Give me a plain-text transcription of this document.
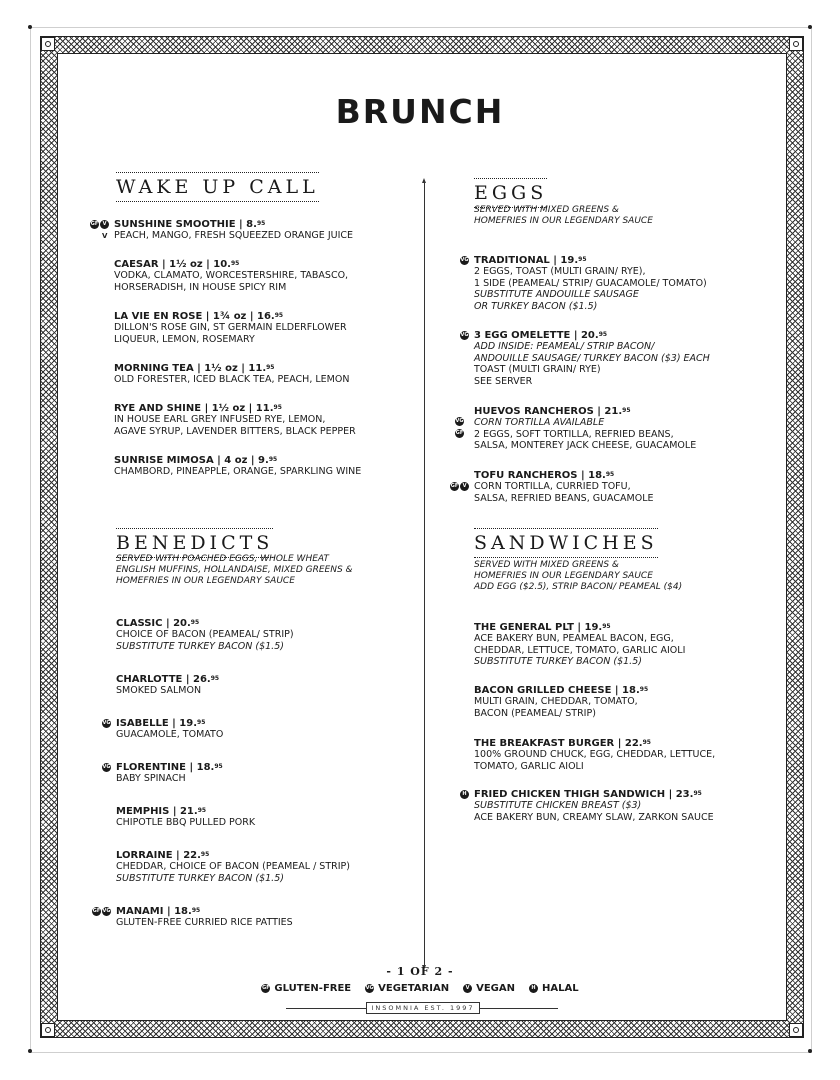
BRUNCH
WAKE UP CALL	EGGS
BENEDICTS	SANDWICHES
SERVED WITH MIXED GREENS &
HOMEFRIES IN OUR LEGENDARY SAUCE
SERVED WITH POACHED EGGS, WHOLE WHEAT
ENGLISH MUFFINS, HOLLANDAISE, MIXED GREENS &
HOMEFRIES IN OUR LEGENDARY SAUCE
SERVED WITH MIXED GREENS &
HOMEFRIES IN OUR LEGENDARY SAUCE
ADD EGG ($2.5), STRIP BACON/ PEAMEAL ($4)
SUNSHINE SMOOTHIE | 8.95
PEACH, MANGO, FRESH SQUEEZED ORANGE JUICE
GF V
V
CAESAR | 1½ oz | 10.95
VODKA, CLAMATO, WORCESTERSHIRE, TABASCO,
HORSERADISH, IN HOUSE SPICY RIM
LA VIE EN ROSE | 1¾ oz | 16.95
DILLON'S ROSE GIN, ST GERMAIN ELDERFLOWER
LIQUEUR, LEMON, ROSEMARY
MORNING TEA | 1½ oz | 11.95
OLD FORESTER, ICED BLACK TEA, PEACH, LEMON
RYE AND SHINE | 1½ oz | 11.95
IN HOUSE EARL GREY INFUSED RYE, LEMON,
AGAVE SYRUP, LAVENDER BITTERS, BLACK PEPPER
SUNRISE MIMOSA | 4 oz | 9.95
CHAMBORD, PINEAPPLE, ORANGE, SPARKLING WINE
TRADITIONAL | 19.95
2 EGGS, TOAST (MULTI GRAIN/ RYE),
1 SIDE (PEAMEAL/ STRIP/ GUACAMOLE/ TOMATO)
SUBSTITUTE ANDOUILLE SAUSAGE
OR TURKEY BACON ($1.5)
VG
3 EGG OMELETTE | 20.95
ADD INSIDE: PEAMEAL/ STRIP BACON/
ANDOUILLE SAUSAGE/ TURKEY BACON ($3) EACH
TOAST (MULTI GRAIN/ RYE)
SEE SERVER
VG
HUEVOS RANCHEROS | 21.95
CORN TORTILLA AVAILABLE
2 EGGS, SOFT TORTILLA, REFRIED BEANS,
SALSA, MONTEREY JACK CHEESE, GUACAMOLE
VG
GF
TOFU RANCHEROS | 18.95
CORN TORTILLA, CURRIED TOFU,
SALSA, REFRIED BEANS, GUACAMOLE
GF V
CLASSIC | 20.95
CHOICE OF BACON (PEAMEAL/ STRIP)
SUBSTITUTE TURKEY BACON ($1.5)
CHARLOTTE | 26.95
SMOKED SALMON
ISABELLE | 19.95
GUACAMOLE, TOMATO
VG
FLORENTINE | 18.95
BABY SPINACH
VG
MEMPHIS | 21.95
CHIPOTLE BBQ PULLED PORK
LORRAINE | 22.95
CHEDDAR, CHOICE OF BACON (PEAMEAL / STRIP)
SUBSTITUTE TURKEY BACON ($1.5)
MANAMI | 18.95
GLUTEN-FREE CURRIED RICE PATTIES
GF VG
THE GENERAL PLT | 19.95
ACE BAKERY BUN, PEAMEAL BACON, EGG,
CHEDDAR, LETTUCE, TOMATO, GARLIC AIOLI
SUBSTITUTE TURKEY BACON ($1.5)
BACON GRILLED CHEESE | 18.95
MULTI GRAIN, CHEDDAR, TOMATO,
BACON (PEAMEAL/ STRIP)
THE BREAKFAST BURGER | 22.95
100% GROUND CHUCK, EGG, CHEDDAR, LETTUCE,
TOMATO, GARLIC AIOLI
FRIED CHICKEN THIGH SANDWICH | 23.95
SUBSTITUTE CHICKEN BREAST ($3)
ACE BAKERY BUN, CREAMY SLAW, ZARKON SAUCE
H
- 1 OF 2 -
GF GLUTEN-FREE	VG VEGETARIAN	V VEGAN	H HALAL
INSOMNIA EST. 1997
